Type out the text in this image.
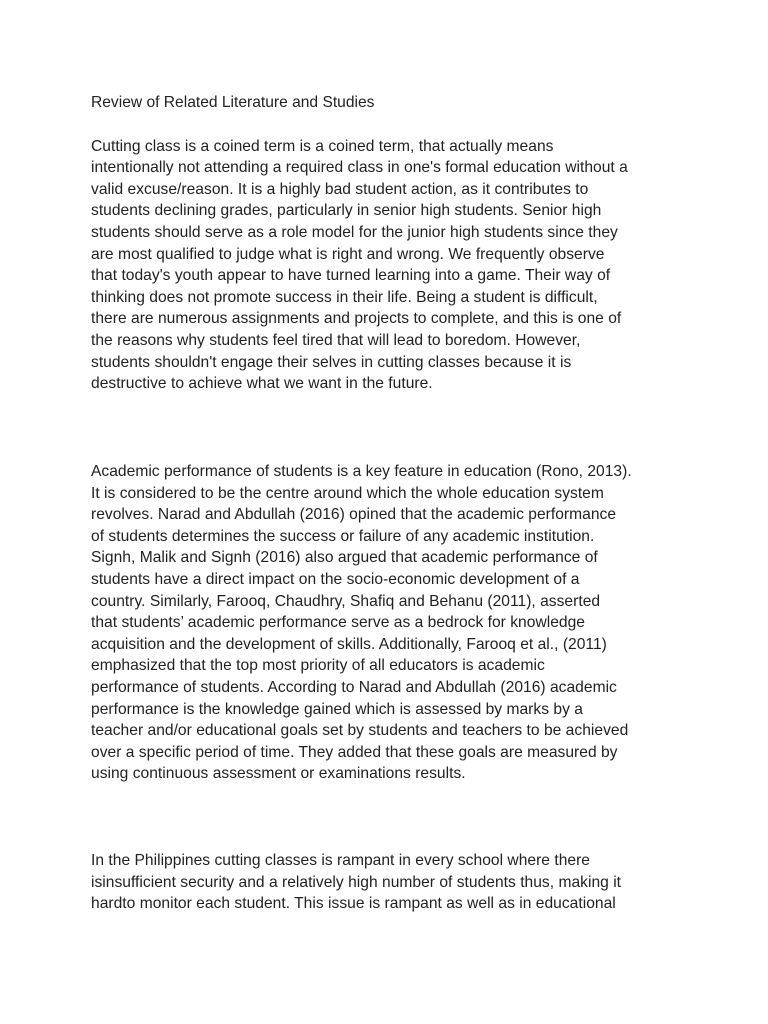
Review of Related Literature and Studies

Cutting class is a coined term is a coined term, that actually means
intentionally not attending a required class in one's formal education without a
valid excuse/reason. It is a highly bad student action, as it contributes to
students declining grades, particularly in senior high students. Senior high
students should serve as a role model for the junior high students since they
are most qualified to judge what is right and wrong. We frequently observe
that today's youth appear to have turned learning into a game. Their way of
thinking does not promote success in their life. Being a student is difficult,
there are numerous assignments and projects to complete, and this is one of
the reasons why students feel tired that will lead to boredom. However,
students shouldn't engage their selves in cutting classes because it is
destructive to achieve what we want in the future.

Academic performance of students is a key feature in education (Rono, 2013).
It is considered to be the centre around which the whole education system
revolves. Narad and Abdullah (2016) opined that the academic performance
of students determines the success or failure of any academic institution.
Signh, Malik and Signh (2016) also argued that academic performance of
students have a direct impact on the socio-economic development of a
country. Similarly, Farooq, Chaudhry, Shafiq and Behanu (2011), asserted
that students’ academic performance serve as a bedrock for knowledge
acquisition and the development of skills. Additionally, Farooq et al., (2011)
emphasized that the top most priority of all educators is academic
performance of students. According to Narad and Abdullah (2016) academic
performance is the knowledge gained which is assessed by marks by a
teacher and/or educational goals set by students and teachers to be achieved
over a specific period of time. They added that these goals are measured by
using continuous assessment or examinations results.

In the Philippines cutting classes is rampant in every school where there
isinsufficient security and a relatively high number of students thus, making it
hardto monitor each student. This issue is rampant as well as in educational
